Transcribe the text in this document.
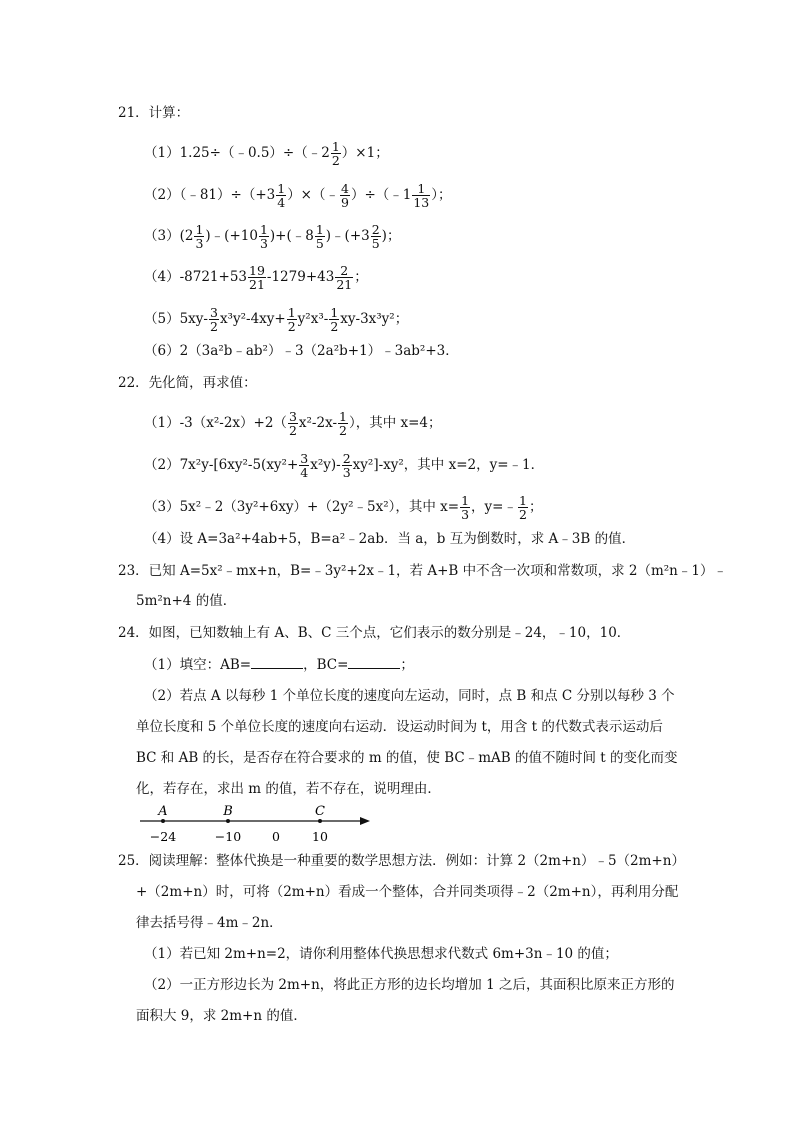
21．计算：
（1）1.25÷（﹣0.5）÷（﹣2 $\frac{1}{2} )\times 1$；
（2）（﹣81）÷（+3 $\frac{1}{4}$ ）×（﹣ $\frac{4}{9}$ ）÷（﹣1 $\frac{1}{13}$ ）；
$(3)(2 \frac{1}{3}$ )﹣(+10 $\frac{1}{3}$ )+(﹣8 $\frac{1}{5}$ )﹣(+3 $\frac{2}{5}$ )；
$(4)-8721+53 \frac{19}{21} -1279+43 \frac{2}{21}$ ；
$(5)5xy- \frac{3}{2} x^3y^2-4xy+ \frac{1}{2} y^2x^3- \frac{1}{2} xy-3x^3y^2$；
（6）2（3a²b﹣ab²）﹣3（2a²b+1）﹣3ab²+3．
22．先化简，再求值：
$(1)-3(x^2-2x)+2( \frac{3}{2} x^2-2x- \frac{1}{2}$ ），其中 x=4；
$(2)7x^2y-[6xy^2-5(xy^2+ \frac{3}{4} x^2y)- \frac{2}{3} xy^2]-xy^2$，其中 x=2，y=﹣1．
（3）5x²﹣2（3y²+6xy）+（2y²﹣5x²），其中 $x= \frac{1}{3}$ ，y=﹣ $\frac{1}{2}$ ；
（4）设 A=3a²+4ab+5，B=a²﹣2ab．当 a，b 互为倒数时，求 A﹣3B 的值．
23．已知 A=5x²﹣mx+n，B=﹣3y²+2x﹣1，若 A+B 中不含一次项和常数项，求 2（m²n﹣1）﹣
5m²n+4 的值．
24．如图，已知数轴上有 A、B、C 三个点，它们表示的数分别是﹣24，﹣10，10．
（1）填空：AB=	，BC=	；
（2）若点 A 以每秒 1 个单位长度的速度向左运动，同时，点 B 和点 C 分别以每秒 3 个
单位长度和 5 个单位长度的速度向右运动．设运动时间为 t，用含 t 的代数式表示运动后
BC 和 AB 的长，是否存在符合要求的 m 的值，使 BC﹣mAB 的值不随时间 t 的变化而变
化，若存在，求出 m 的值，若不存在，说明理由．
A	B	C
−24	−10 0	10
25．阅读理解：整体代换是一种重要的数学思想方法．例如：计算 2（2m+n）﹣5（2m+n）
+（2m+n）时，可将（2m+n）看成一个整体，合并同类项得﹣2（2m+n），再利用分配
律去括号得﹣4m﹣2n．
（1）若已知 2m+n=2，请你利用整体代换思想求代数式 6m+3n﹣10 的值；
（2）一正方形边长为 2m+n，将此正方形的边长均增加 1 之后，其面积比原来正方形的
面积大 9，求 2m+n 的值．
